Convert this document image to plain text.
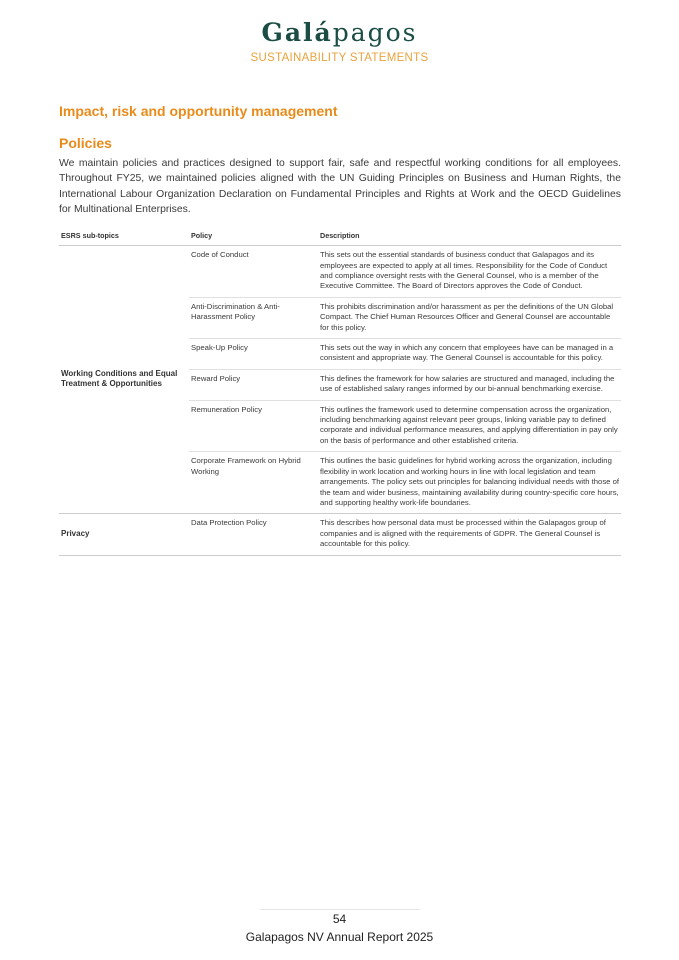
Galápagos
SUSTAINABILITY STATEMENTS
Impact, risk and opportunity management
Policies

We maintain policies and practices designed to support fair, safe and respectful working conditions for all employees. Throughout FY25, we maintained policies aligned with the UN Guiding Principles on Business and Human Rights, the International Labour Organization Declaration on Fundamental Principles and Rights at Work and the OECD Guidelines for Multinational Enterprises.

ESRS sub-topics	Policy	Description
Working Conditions and Equal Treatment & Opportunities	Code of Conduct	This sets out the essential standards of business conduct that Galapagos and its employees are expected to apply at all times. Responsibility for the Code of Conduct and compliance oversight rests with the General Counsel, who is a member of the Executive Committee. The Board of Directors approves the Code of Conduct.
	Anti-Discrimination & Anti-Harassment Policy	This prohibits discrimination and/or harassment as per the definitions of the UN Global Compact. The Chief Human Resources Officer and General Counsel are accountable for this policy.
	Speak-Up Policy	This sets out the way in which any concern that employees have can be managed in a consistent and appropriate way. The General Counsel is accountable for this policy.
	Reward Policy	This defines the framework for how salaries are structured and managed, including the use of established salary ranges informed by our bi-annual benchmarking exercise.
	Remuneration Policy	This outlines the framework used to determine compensation across the organization, including benchmarking against relevant peer groups, linking variable pay to defined corporate and individual performance measures, and applying differentiation in pay only on the basis of performance and other established criteria.
	Corporate Framework on Hybrid Working	This outlines the basic guidelines for hybrid working across the organization, including flexibility in work location and working hours in line with local legislation and team arrangements. The policy sets out principles for balancing individual needs with those of the team and wider business, maintaining availability during country‑specific core hours, and supporting healthy work‑life boundaries.
Privacy	Data Protection Policy	This describes how personal data must be processed within the Galapagos group of companies and is aligned with the requirements of GDPR. The General Counsel is accountable for this policy.
54
Galapagos NV Annual Report 2025
